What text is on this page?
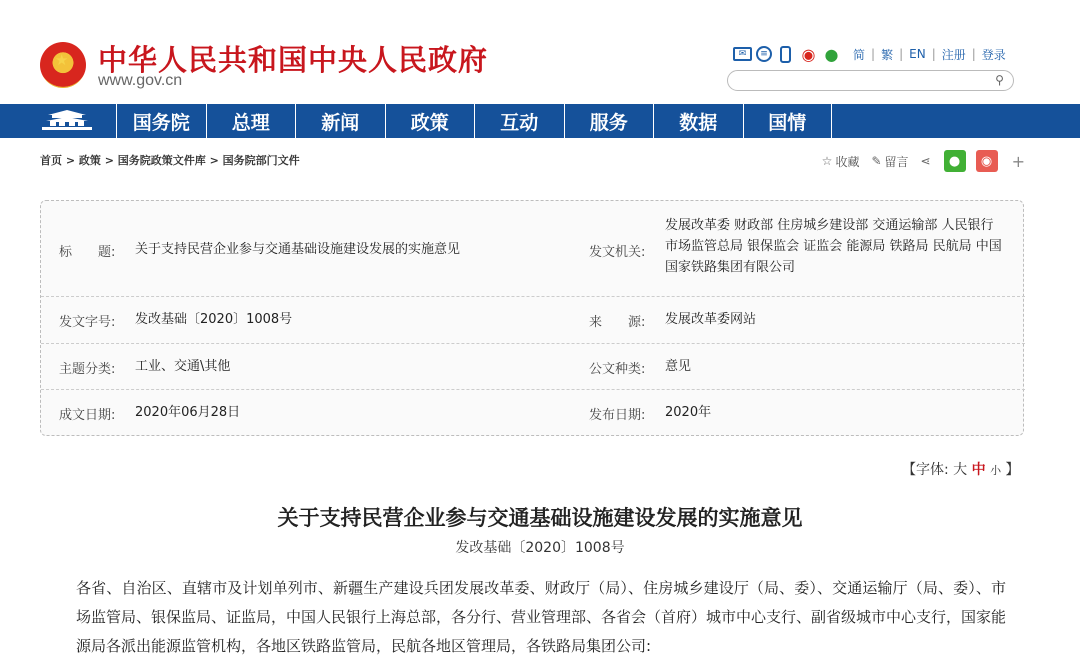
★ 中华人民共和国中央人民政府
www.gov.cn
✉	≡ ◉ ● 简 | 繁 | EN | 注册 | 登录
⚲
国务院	总理	新闻	政策	互动	服务	数据	国情
首页 > 政策 > 国务院政策文件库 > 国务院部门文件	☆ 收藏 ✎ 留言 ⋖	●	◉	+
标　　题: 关于支持民营企业参与交通基础设施建设发展的实施意见	发文机关:
发展改革委 财政部 住房城乡建设部 交通运输部 人民银行 市场监管总局 银保监会 证监会 能源局 铁路局 民航局 中国国家铁路集团有限公司
发文字号: 发改基础〔2020〕1008号	来　　源: 发展改革委网站
主题分类: 工业、交通\其他	公文种类: 意见
成文日期: 2020年06月28日	发布日期: 2020年
【字体: 大 中 小 】
关于支持民营企业参与交通基础设施建设发展的实施意见
发改基础〔2020〕1008号
各省、自治区、直辖市及计划单列市、新疆生产建设兵团发展改革委、财政厅（局）、住房城乡建设厅（局、委）、交通运输厅（局、委）、市场监管局、银保监局、证监局，中国人民银行上海总部，各分行、营业管理部、各省会（首府）城市中心支行、副省级城市中心支行，国家能源局各派出能源监管机构，各地区铁路监管局，民航各地区管理局，各铁路局集团公司:
